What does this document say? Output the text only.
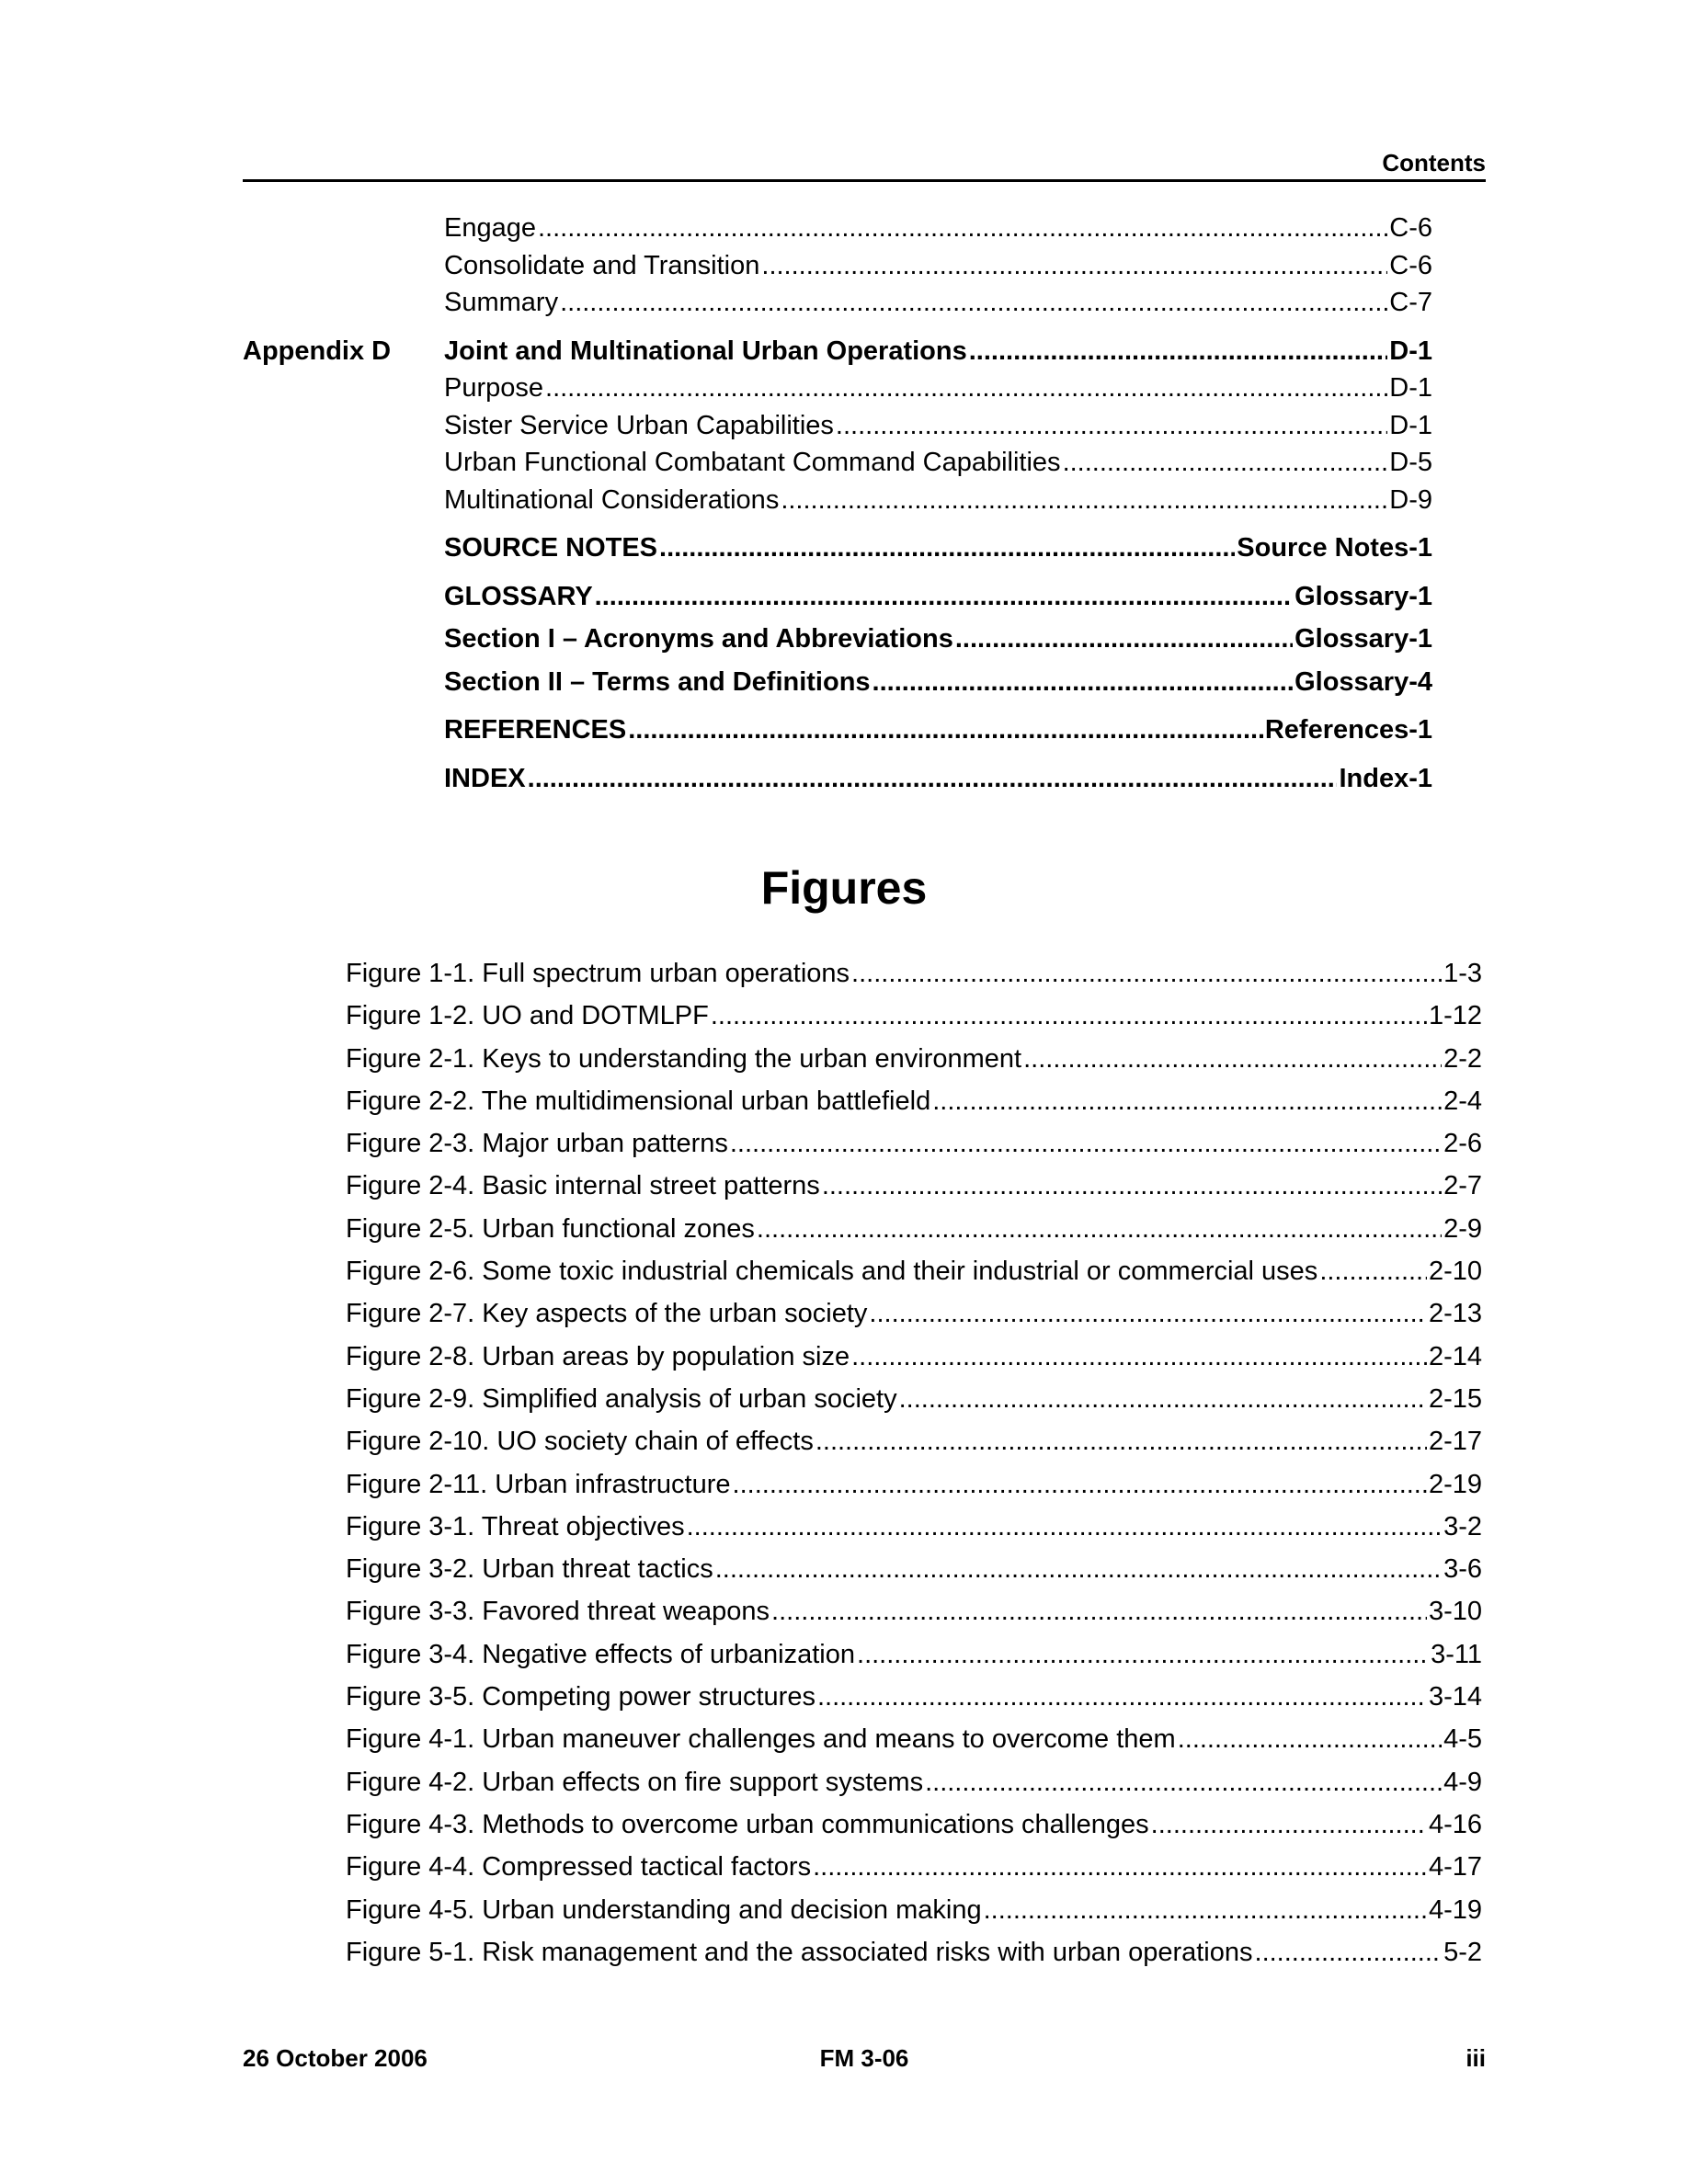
Contents
Engage .....	C-6
Consolidate and Transition .....	C-6
Summary .....	C-7
Appendix D Joint and Multinational Urban Operations .....	D-1
Purpose .....	D-1
Sister Service Urban Capabilities .....	D-1
Urban Functional Combatant Command Capabilities .....	D-5
Multinational Considerations .....	D-9
SOURCE NOTES .....	Source Notes-1
GLOSSARY .....	Glossary-1
Section I – Acronyms and Abbreviations .....	Glossary-1
Section II – Terms and Definitions .....	Glossary-4
REFERENCES .....	References-1
INDEX .....	Index-1
Figures
Figure 1-1. Full spectrum urban operations .....	1-3
Figure 1-2. UO and DOTMLPF .....	1-12
Figure 2-1. Keys to understanding the urban environment .....	2-2
Figure 2-2. The multidimensional urban battlefield .....	2-4
Figure 2-3. Major urban patterns .....	2-6
Figure 2-4. Basic internal street patterns .....	2-7
Figure 2-5. Urban functional zones .....	2-9
Figure 2-6. Some toxic industrial chemicals and their industrial or commercial uses .....	2-10
Figure 2-7. Key aspects of the urban society .....	2-13
Figure 2-8. Urban areas by population size .....	2-14
Figure 2-9. Simplified analysis of urban society .....	2-15
Figure 2-10. UO society chain of effects .....	2-17
Figure 2-11. Urban infrastructure .....	2-19
Figure 3-1. Threat objectives .....	3-2
Figure 3-2. Urban threat tactics .....	3-6
Figure 3-3. Favored threat weapons .....	3-10
Figure 3-4. Negative effects of urbanization .....	3-11
Figure 3-5. Competing power structures .....	3-14
Figure 4-1. Urban maneuver challenges and means to overcome them .....	4-5
Figure 4-2. Urban effects on fire support systems .....	4-9
Figure 4-3. Methods to overcome urban communications challenges .....	4-16
Figure 4-4. Compressed tactical factors .....	4-17
Figure 4-5. Urban understanding and decision making .....	4-19
Figure 5-1. Risk management and the associated risks with urban operations .....	5-2
26 October 2006	FM 3-06	iii
